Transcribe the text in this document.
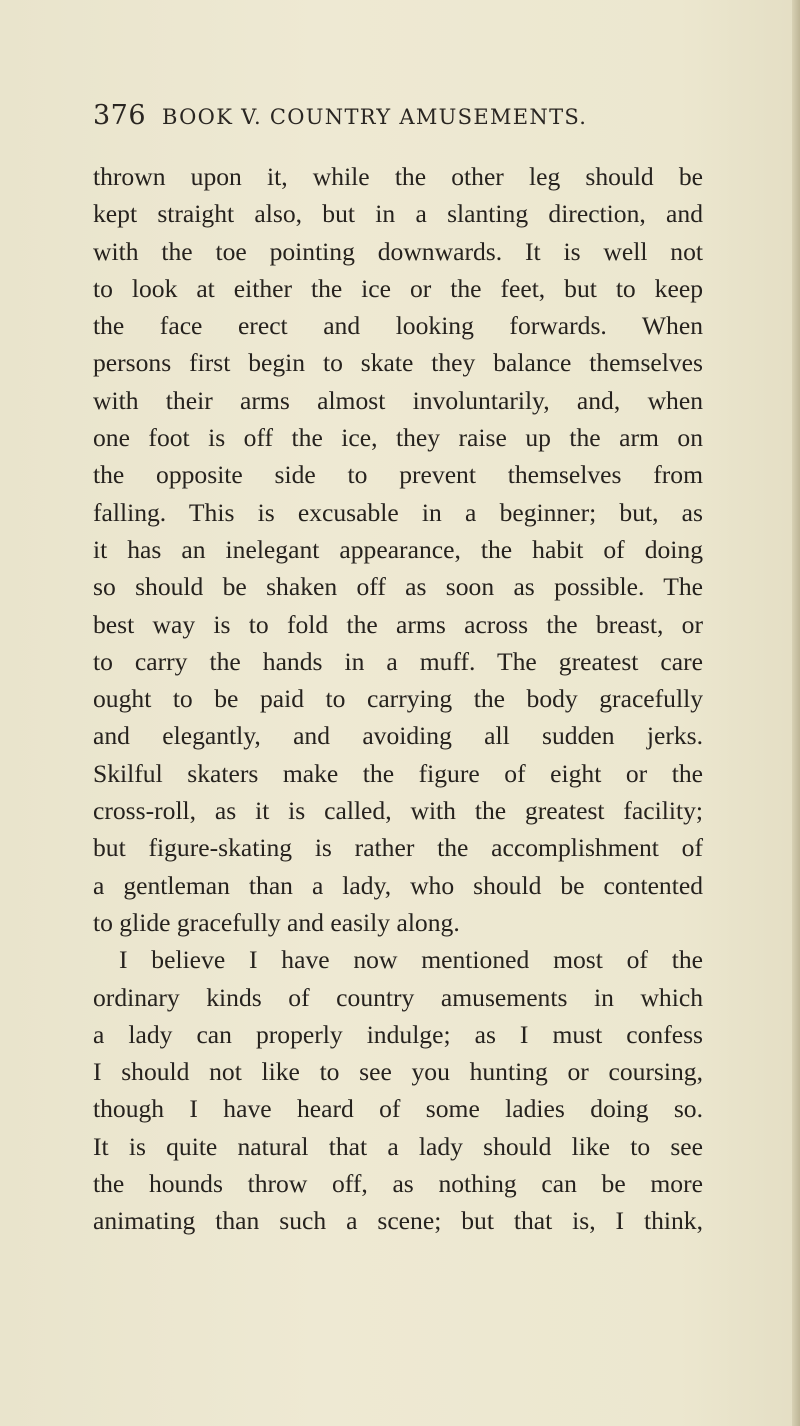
376 BOOK V. COUNTRY AMUSEMENTS.
thrown upon it, while the other leg should be
kept straight also, but in a slanting direction, and
with the toe pointing downwards. It is well not
to look at either the ice or the feet, but to keep
the face erect and looking forwards. When
persons first begin to skate they balance themselves
with their arms almost involuntarily, and, when
one foot is off the ice, they raise up the arm on
the opposite side to prevent themselves from
falling. This is excusable in a beginner; but, as
it has an inelegant appearance, the habit of doing
so should be shaken off as soon as possible. The
best way is to fold the arms across the breast, or
to carry the hands in a muff. The greatest care
ought to be paid to carrying the body gracefully
and elegantly, and avoiding all sudden jerks.
Skilful skaters make the figure of eight or the
cross-roll, as it is called, with the greatest facility;
but figure-skating is rather the accomplishment of
a gentleman than a lady, who should be contented
to glide gracefully and easily along.
I believe I have now mentioned most of the
ordinary kinds of country amusements in which
a lady can properly indulge; as I must confess
I should not like to see you hunting or coursing,
though I have heard of some ladies doing so.
It is quite natural that a lady should like to see
the hounds throw off, as nothing can be more
animating than such a scene; but that is, I think,
